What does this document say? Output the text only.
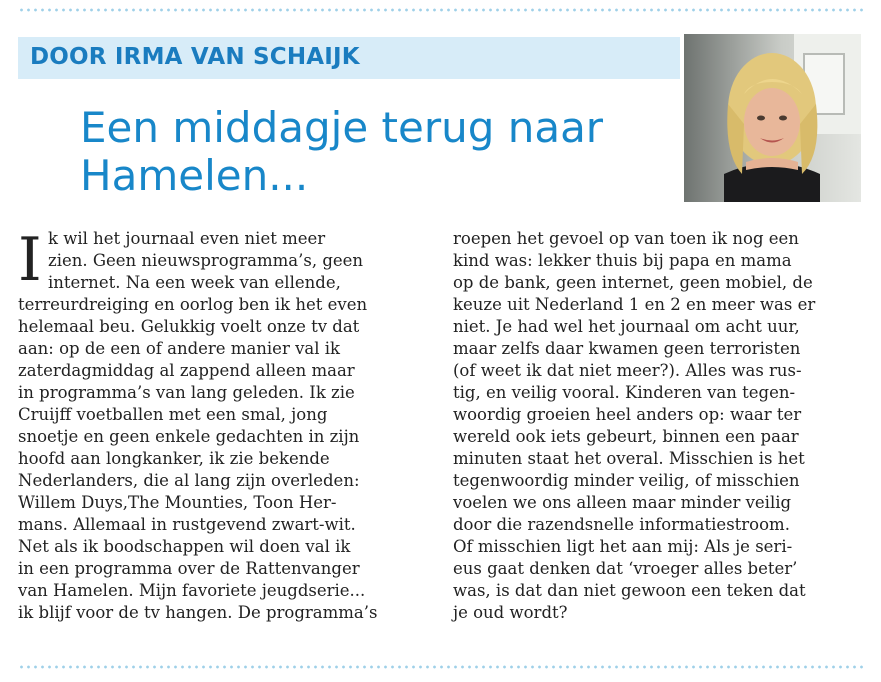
DOOR IRMA VAN SCHAIJK
Een middagje terug naar
Hamelen...
I k wil het journaal even niet meer
zien. Geen nieuwsprogramma’s, geen
internet. Na een week van ellende,
terreurdreiging en oorlog ben ik het even
helemaal beu. Gelukkig voelt onze tv dat
aan: op de een of andere manier val ik
zaterdagmiddag al zappend alleen maar
in programma’s van lang geleden. Ik zie
Cruijff voetballen met een smal, jong
snoetje en geen enkele gedachten in zijn
hoofd aan longkanker, ik zie bekende
Nederlanders, die al lang zijn overleden:
Willem Duys,The Mounties, Toon Her-
mans. Allemaal in rustgevend zwart-wit.
Net als ik boodschappen wil doen val ik
in een programma over de Rattenvanger
van Hamelen. Mijn favoriete jeugdserie...
ik blijf voor de tv hangen. De programma’s
roepen het gevoel op van toen ik nog een
kind was: lekker thuis bij papa en mama
op de bank, geen internet, geen mobiel, de
keuze uit Nederland 1 en 2 en meer was er
niet. Je had wel het journaal om acht uur,
maar zelfs daar kwamen geen terroristen
(of weet ik dat niet meer?). Alles was rus-
tig, en veilig vooral. Kinderen van tegen-
woordig groeien heel anders op: waar ter
wereld ook iets gebeurt, binnen een paar
minuten staat het overal. Misschien is het
tegenwoordig minder veilig, of misschien
voelen we ons alleen maar minder veilig
door die razendsnelle informatiestroom.
Of misschien ligt het aan mij: Als je seri-
eus gaat denken dat ‘vroeger alles beter’
was, is dat dan niet gewoon een teken dat
je oud wordt?
